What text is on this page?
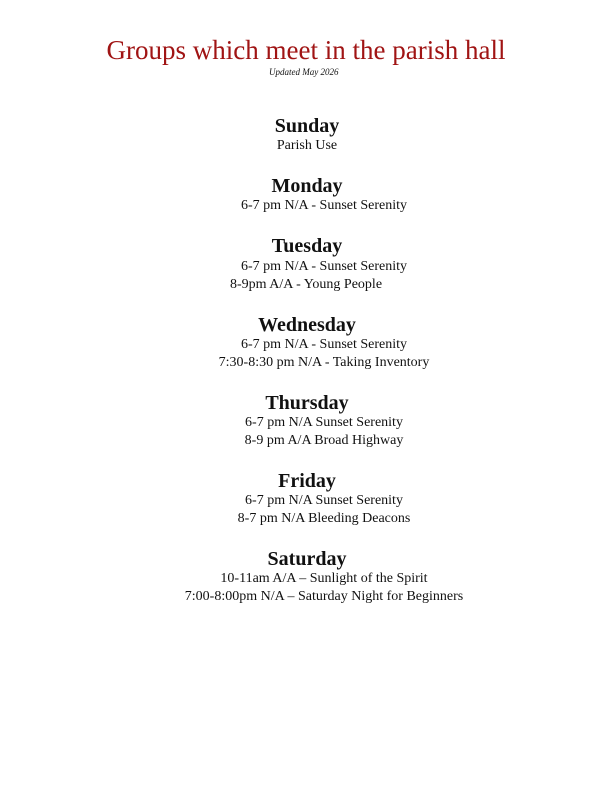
Groups which meet in the parish hall
Updated May 2026
Sunday
Parish Use
Monday
6-7 pm N/A - Sunset Serenity
Tuesday
6-7 pm N/A - Sunset Serenity
8-9pm A/A - Young People
Wednesday
6-7 pm N/A - Sunset Serenity
7:30-8:30 pm N/A - Taking Inventory
Thursday
6-7 pm N/A Sunset Serenity
8-9 pm A/A Broad Highway
Friday
6-7 pm N/A Sunset Serenity
8-7 pm N/A Bleeding Deacons
Saturday
10-11am A/A – Sunlight of the Spirit
7:00-8:00pm N/A – Saturday Night for Beginners
